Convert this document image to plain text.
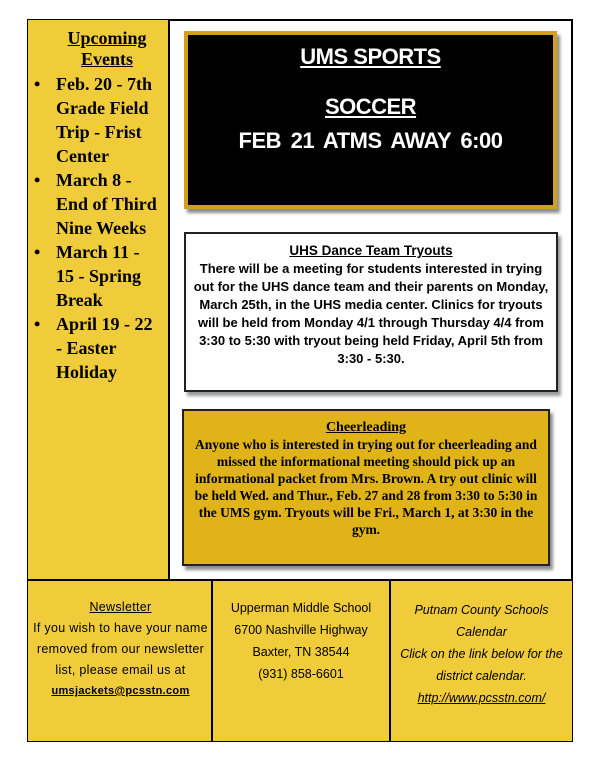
Upcoming Events
• Feb. 20 - 7th Grade Field Trip - Frist Center
• March 8 - End of Third Nine Weeks
• March 11 - 15 - Spring Break
• April 19 - 22 - Easter Holiday
UMS SPORTS
SOCCER
FEB 21 ATMS AWAY 6:00
UHS Dance Team Tryouts
There will be a meeting for students interested in trying out for the UHS dance team and their parents on Monday, March 25th, in the UHS media center. Clinics for tryouts will be held from Monday 4/1 through Thursday 4/4 from 3:30 to 5:30 with tryout being held Friday, April 5th from 3:30 - 5:30.
Cheerleading
Anyone who is interested in trying out for cheerleading and missed the informational meeting should pick up an informational packet from Mrs. Brown. A try out clinic will be held Wed. and Thur., Feb. 27 and 28 from 3:30 to 5:30 in the UMS gym. Tryouts will be Fri., March 1, at 3:30 in the gym.
Newsletter
If you wish to have your name removed from our newsletter list, please email us at
umsjackets@pcsstn.com
Upperman Middle School
6700 Nashville Highway
Baxter, TN 38544
(931) 858-6601
Putnam County Schools Calendar
Click on the link below for the district calendar.
http://www.pcsstn.com/
